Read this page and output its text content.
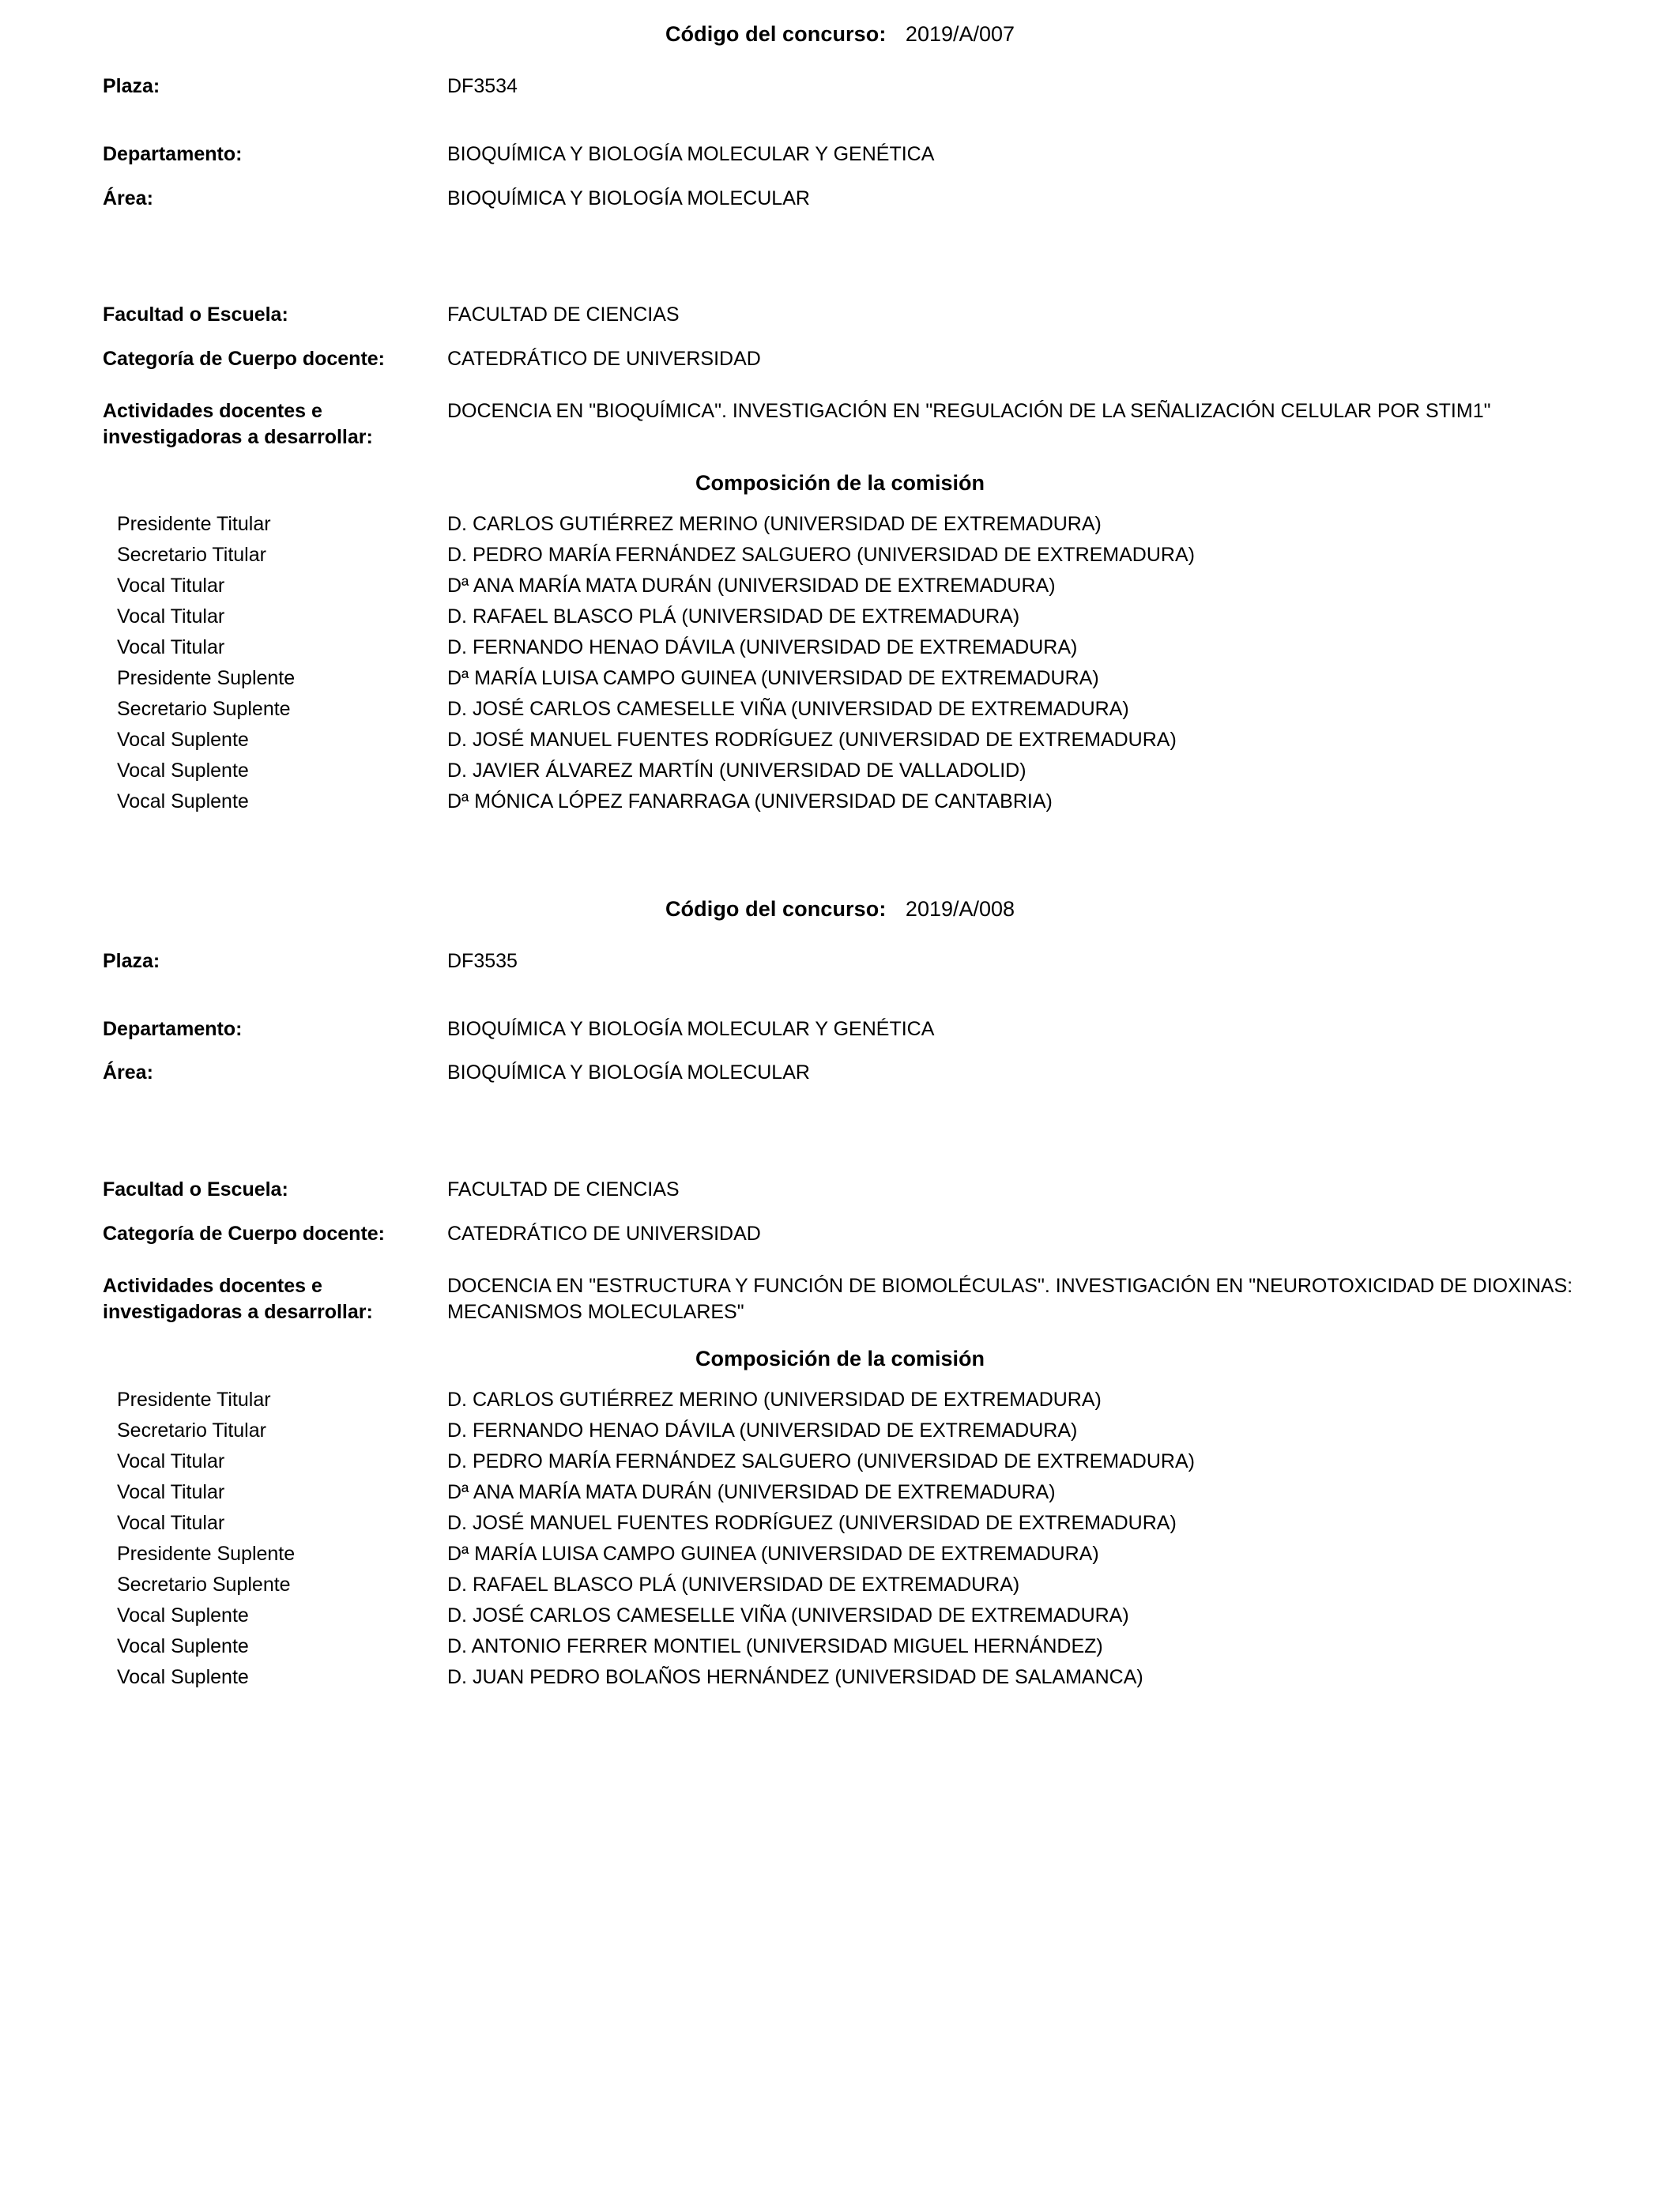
Código del concurso: 2019/A/007
Plaza:	DF3534
Departamento:	BIOQUÍMICA Y BIOLOGÍA MOLECULAR Y GENÉTICA
Área:	BIOQUÍMICA Y BIOLOGÍA MOLECULAR
Facultad o Escuela:	FACULTAD DE CIENCIAS
Categoría de Cuerpo docente:	CATEDRÁTICO DE UNIVERSIDAD
Actividades docentes e investigadoras a desarrollar:
DOCENCIA EN "BIOQUÍMICA". INVESTIGACIÓN EN "REGULACIÓN DE LA SEÑALIZACIÓN CELULAR POR STIM1"
Composición de la comisión
Presidente Titular	D. CARLOS GUTIÉRREZ MERINO (UNIVERSIDAD DE EXTREMADURA)
Secretario Titular	D. PEDRO MARÍA FERNÁNDEZ SALGUERO (UNIVERSIDAD DE EXTREMADURA)
Vocal Titular	Dª ANA MARÍA MATA DURÁN (UNIVERSIDAD DE EXTREMADURA)
Vocal Titular	D. RAFAEL BLASCO PLÁ (UNIVERSIDAD DE EXTREMADURA)
Vocal Titular	D. FERNANDO HENAO DÁVILA (UNIVERSIDAD DE EXTREMADURA)
Presidente Suplente	Dª MARÍA LUISA CAMPO GUINEA (UNIVERSIDAD DE EXTREMADURA)
Secretario Suplente	D. JOSÉ CARLOS CAMESELLE VIÑA (UNIVERSIDAD DE EXTREMADURA)
Vocal Suplente	D. JOSÉ MANUEL FUENTES RODRÍGUEZ (UNIVERSIDAD DE EXTREMADURA)
Vocal Suplente	D. JAVIER ÁLVAREZ MARTÍN (UNIVERSIDAD DE VALLADOLID)
Vocal Suplente	Dª MÓNICA LÓPEZ FANARRAGA (UNIVERSIDAD DE CANTABRIA)
Código del concurso: 2019/A/008
Plaza:	DF3535
Departamento:	BIOQUÍMICA Y BIOLOGÍA MOLECULAR Y GENÉTICA
Área:	BIOQUÍMICA Y BIOLOGÍA MOLECULAR
Facultad o Escuela:	FACULTAD DE CIENCIAS
Categoría de Cuerpo docente:	CATEDRÁTICO DE UNIVERSIDAD
Actividades docentes e investigadoras a desarrollar:
DOCENCIA EN "ESTRUCTURA Y FUNCIÓN DE BIOMOLÉCULAS". INVESTIGACIÓN EN "NEUROTOXICIDAD DE DIOXINAS: MECANISMOS MOLECULARES"
Composición de la comisión
Presidente Titular	D. CARLOS GUTIÉRREZ MERINO (UNIVERSIDAD DE EXTREMADURA)
Secretario Titular	D. FERNANDO HENAO DÁVILA (UNIVERSIDAD DE EXTREMADURA)
Vocal Titular	D. PEDRO MARÍA FERNÁNDEZ SALGUERO (UNIVERSIDAD DE EXTREMADURA)
Vocal Titular	Dª ANA MARÍA MATA DURÁN (UNIVERSIDAD DE EXTREMADURA)
Vocal Titular	D. JOSÉ MANUEL FUENTES RODRÍGUEZ (UNIVERSIDAD DE EXTREMADURA)
Presidente Suplente	Dª MARÍA LUISA CAMPO GUINEA (UNIVERSIDAD DE EXTREMADURA)
Secretario Suplente	D. RAFAEL BLASCO PLÁ (UNIVERSIDAD DE EXTREMADURA)
Vocal Suplente	D. JOSÉ CARLOS CAMESELLE VIÑA (UNIVERSIDAD DE EXTREMADURA)
Vocal Suplente	D. ANTONIO FERRER MONTIEL (UNIVERSIDAD MIGUEL HERNÁNDEZ)
Vocal Suplente	D. JUAN PEDRO BOLAÑOS HERNÁNDEZ (UNIVERSIDAD DE SALAMANCA)
